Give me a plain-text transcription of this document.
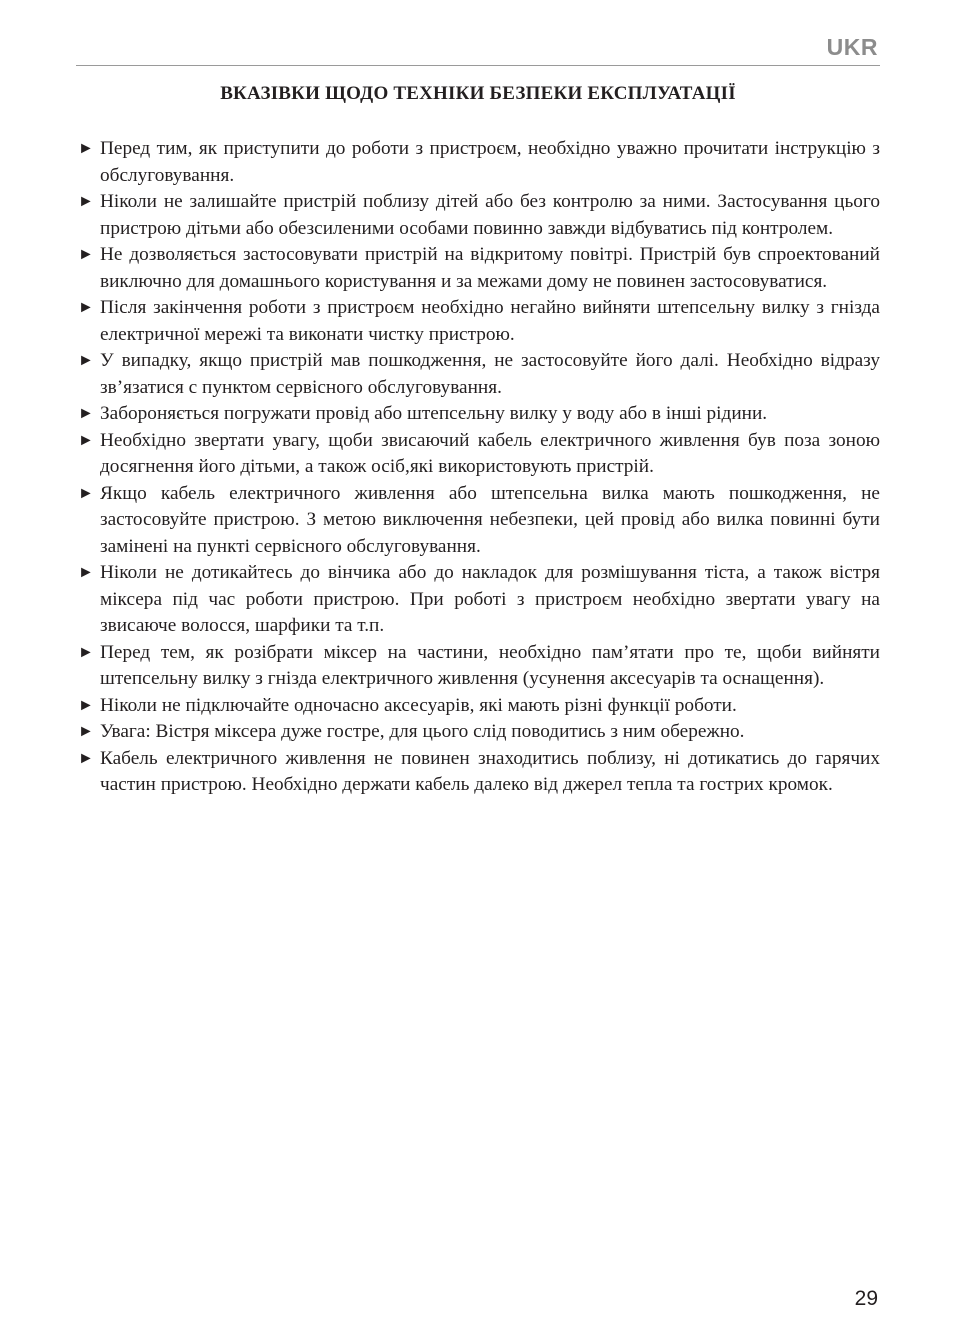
UKR
ВКАЗІВКИ ЩОДО ТЕХНІКИ БЕЗПЕКИ ЕКСПЛУАТАЦІЇ
► Перед тим, як приступити до роботи з пристроєм, необхідно уважно прочитати інструкцію з обслуговування.
► Ніколи не залишайте пристрій поблизу дітей або без контролю за ними. Застосування цього пристрою дітьми або обезсиленими особами повинно завжди відбуватись під контролем.
► Не дозволяється застосовувати пристрій на відкритому повітрі. Пристрій був спроектований виключно для домашнього користування и за межами дому не повинен застосовуватися.
► Після закінчення роботи з пристроєм необхідно негайно вийняти штепсельну вилку з гнізда електричної мережі та виконати чистку пристрою.
► У випадку, якщо пристрій мав пошкодження, не застосовуйте його далі. Необхідно відразу зв’язатися с пунктом сервісного обслуговування.
► Забороняється погружати провід або штепсельну вилку у воду або в інші рідини.
► Необхідно звертати увагу, щоби звисаючий кабель електричного живлення був поза зоною досягнення його дітьми, а також осіб,які використовують пристрій.
► Якщо кабель електричного живлення або штепсельна вилка мають пошкодження, не застосовуйте пристрою. З метою виключення небезпеки, цей провід або вилка повинні бути замінені на пункті сервісного обслуговування.
► Ніколи не дотикайтесь до вінчика або до накладок для розмішування тіста, а також вістря міксера під час роботи пристрою. При роботі з пристроєм необхідно звертати увагу на звисаюче волосся, шарфики та т.п.
► Перед тем, як розібрати міксер на частини, необхідно пам’ятати про те, щоби вийняти штепсельну вилку з гнізда електричного живлення (усунення аксесуарів та оснащення).
► Ніколи не підключайте одночасно аксесуарів, які мають різні функції роботи.
► Увага: Вістря міксера дуже гостре, для цього слід поводитись з ним обережно.
► Кабель електричного живлення не повинен знаходитись поблизу, ні дотикатись до гарячих частин пристрою. Необхідно держати кабель далеко від джерел тепла та гострих кромок.
29
